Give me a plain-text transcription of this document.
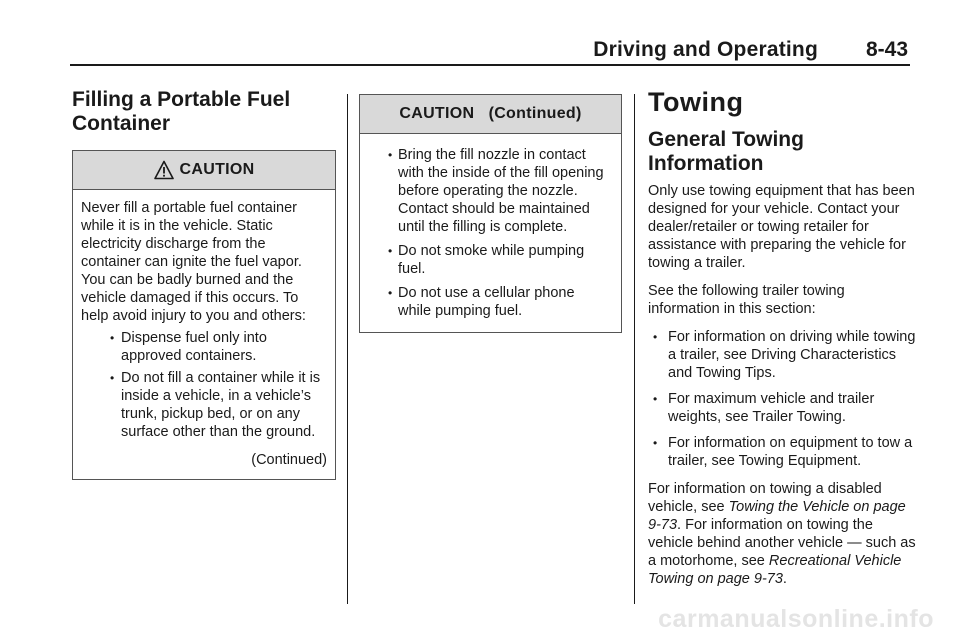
Driving and Operating 8-43
Filling a Portable Fuel Container
CAUTION

Never fill a portable fuel container while it is in the vehicle. Static electricity discharge from the container can ignite the fuel vapor. You can be badly burned and the vehicle damaged if this occurs. To help avoid injury to you and others:

• Dispense fuel only into approved containers.
• Do not fill a container while it is inside a vehicle, in a vehicle’s trunk, pickup bed, or on any surface other than the ground.
(Continued)
CAUTION   (Continued)
• Bring the fill nozzle in contact with the inside of the fill opening before operating the nozzle. Contact should be maintained until the filling is complete.
• Do not smoke while pumping fuel.
• Do not use a cellular phone while pumping fuel.
Towing
General Towing Information

Only use towing equipment that has been designed for your vehicle. Contact your dealer/retailer or towing retailer for assistance with preparing the vehicle for towing a trailer.

See the following trailer towing information in this section:

• For information on driving while towing a trailer, see Driving Characteristics and Towing Tips.
• For maximum vehicle and trailer weights, see Trailer Towing.
• For information on equipment to tow a trailer, see Towing Equipment.

For information on towing a disabled vehicle, see Towing the Vehicle on page 9-73. For information on towing the vehicle behind another vehicle — such as a motorhome, see Recreational Vehicle Towing on page 9-73.

carmanualsonline.info
